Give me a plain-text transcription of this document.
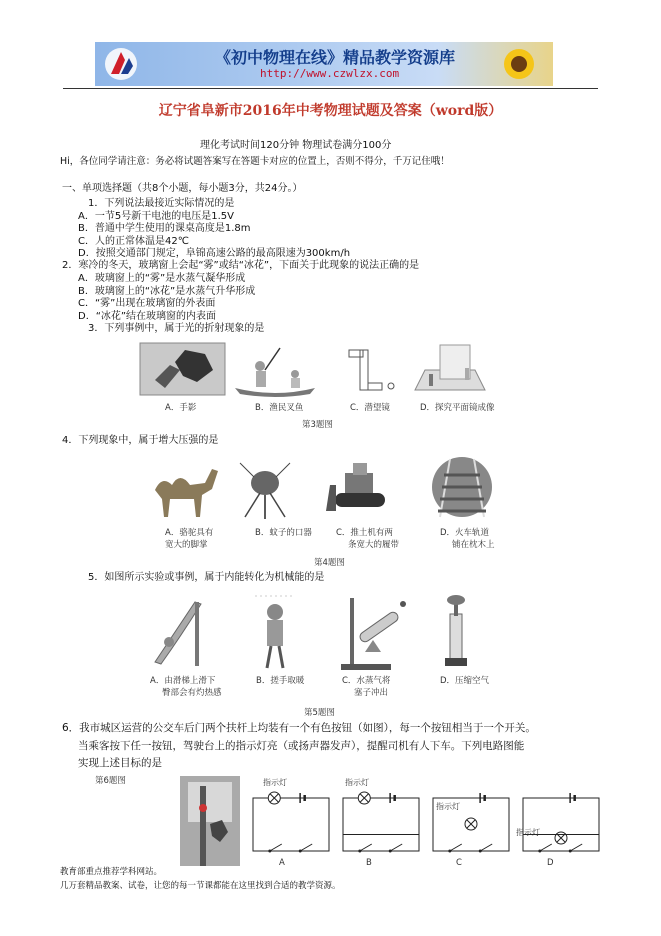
《初中物理在线》精品教学资源库
http://www.czwlzx.com
辽宁省阜新市2016年中考物理试题及答案（word版）
理化考试时间120分钟 物理试卷满分100分
Hi，各位同学请注意：务必将试题答案写在答题卡对应的位置上，否则不得分，千万记住哦！
一、单项选择题（共8个小题，每小题3分，共24分。）
1．下列说法最接近实际情况的是
A．一节5号新干电池的电压是1.5V
B．普通中学生使用的课桌高度是1.8m
C．人的正常体温是42℃
D．按照交通部门规定，阜锦高速公路的最高限速为300km/h
2．寒冷的冬天，玻璃窗上会起“雾”或结“冰花”，下面关于此现象的说法正确的是
A．玻璃窗上的“雾”是水蒸气凝华形成
B．玻璃窗上的“冰花”是水蒸气升华形成
C．“雾”出现在玻璃窗的外表面
D．“冰花”结在玻璃窗的内表面
3．下列事例中，属于光的折射现象的是
A．手影	B．渔民叉鱼	C．潜望镜	D．探究平面镜成像
第3题图
4．下列现象中，属于增大压强的是
A．骆驼具有
宽大的脚掌
B．蚊子的口器	C．推土机有两
条宽大的履带
D．火车轨道
铺在枕木上
第4题图
5．如图所示实验或事例，属于内能转化为机械能的是
A．由滑梯上滑下
臀部会有灼热感
B．搓手取暖	C．水蒸气将
塞子冲出
D．压缩空气
第5题图
6．我市城区运营的公交车后门两个扶杆上均装有一个有色按钮（如图），每一个按钮相当于一个开关。
当乘客按下任一按钮，驾驶台上的指示灯亮（或扬声器发声），提醒司机有人下车。下列电路图能
实现上述目标的是
第6题图	指示灯	指示灯
指示灯
指示灯
A	B	C	D
教育部重点推荐学科网站。
几万套精品教案、试卷，让您的每一节课都能在这里找到合适的教学资源。
